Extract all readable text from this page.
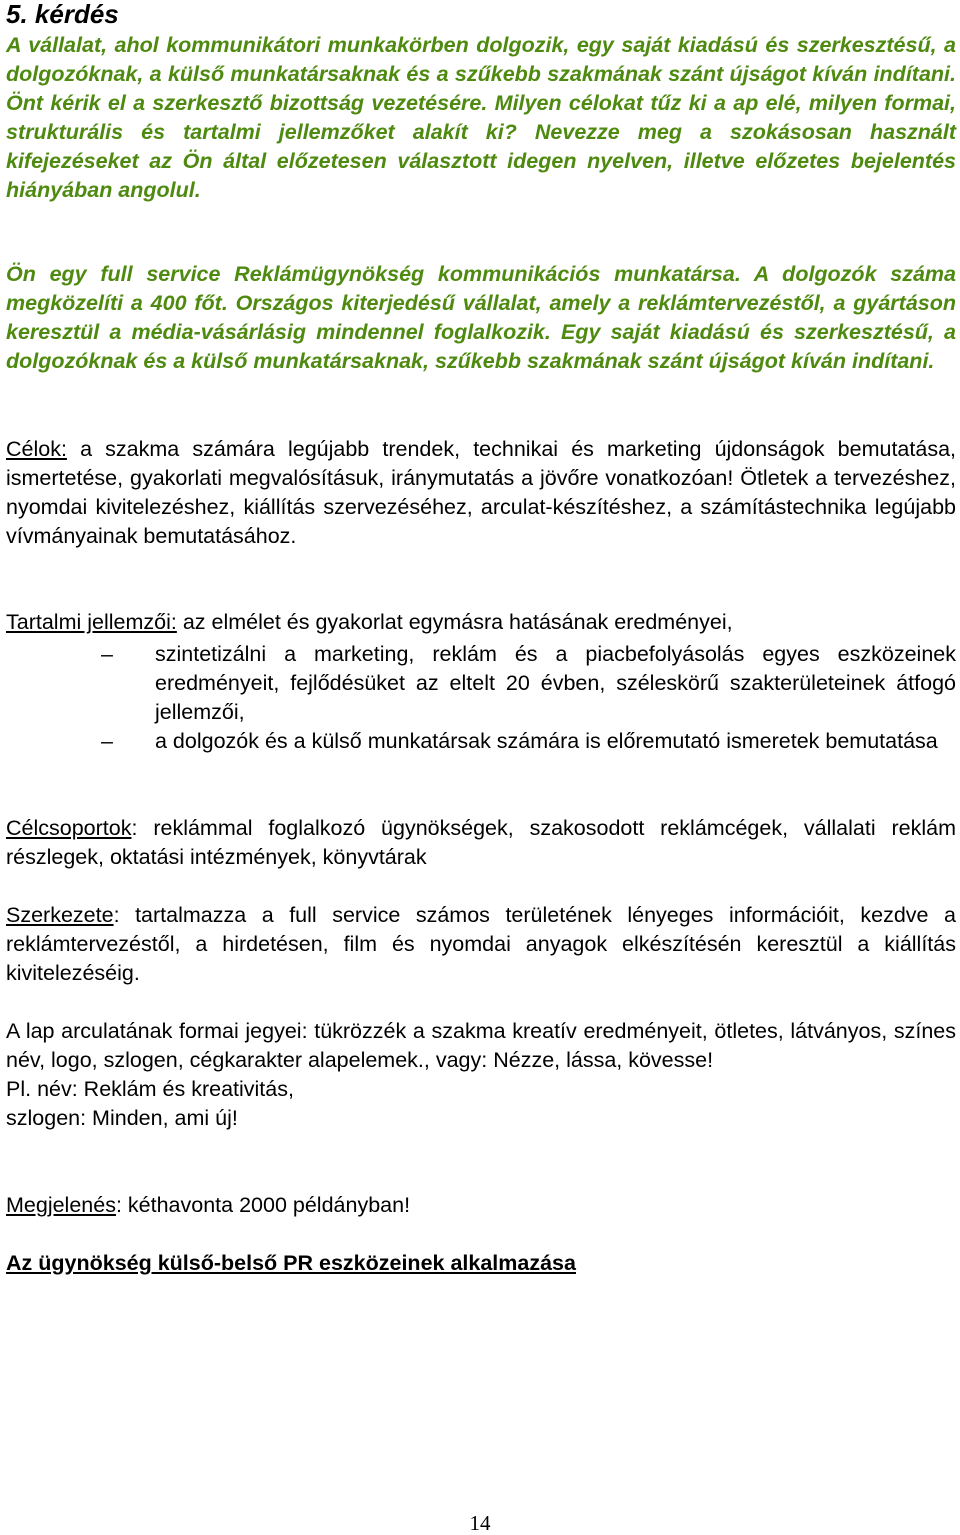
5. kérdés

A vállalat, ahol kommunikátori munkakörben dolgozik, egy saját kiadású és szerkesztésű, a dolgozóknak, a külső munkatársaknak és a szűkebb szakmának szánt újságot kíván indítani. Önt kérik el a szerkesztő bizottság vezetésére. Milyen célokat tűz ki a ap elé, milyen formai, strukturális és tartalmi jellemzőket alakít ki? Nevezze meg a szokásosan használt kifejezéseket az Ön által előzetesen választott idegen nyelven, illetve előzetes bejelentés hiányában angolul.

Ön egy full service Reklámügynökség kommunikációs munkatársa. A dolgozók száma megközelíti a 400 főt. Országos kiterjedésű vállalat, amely a reklámtervezéstől, a gyártáson keresztül a média-vásárlásig mindennel foglalkozik. Egy saját kiadású és szerkesztésű, a dolgozóknak és a külső munkatársaknak, szűkebb szakmának szánt újságot kíván indítani.

Célok: a szakma számára legújabb trendek, technikai és marketing újdonságok bemutatása, ismertetése, gyakorlati megvalósításuk, iránymutatás a jövőre vonatkozóan! Ötletek a tervezéshez, nyomdai kivitelezéshez, kiállítás szervezéséhez, arculat-készítéshez, a számítástechnika legújabb vívmányainak bemutatásához.

Tartalmi jellemzői: az elmélet és gyakorlat egymásra hatásának eredményei,

– szintetizálni a marketing, reklám és a piacbefolyásolás egyes eszközeinek eredményeit, fejlődésüket az eltelt 20 évben, széleskörű szakterületeinek átfogó jellemzői,
– a dolgozók és a külső munkatársak számára is előremutató ismeretek bemutatása

Célcsoportok: reklámmal foglalkozó ügynökségek, szakosodott reklámcégek, vállalati reklám részlegek, oktatási intézmények, könyvtárak

Szerkezete: tartalmazza a full service számos területének lényeges információit, kezdve a reklámtervezéstől, a hirdetésen, film és nyomdai anyagok elkészítésén keresztül a kiállítás kivitelezéséig.

A lap arculatának formai jegyei: tükrözzék a szakma kreatív eredményeit, ötletes, látványos, színes név, logo, szlogen, cégkarakter alapelemek., vagy: Nézze, lássa, kövesse!

Pl. név: Reklám és kreativitás,

szlogen: Minden, ami új!

Megjelenés: kéthavonta 2000 példányban!

Az ügynökség külső-belső PR eszközeinek alkalmazása

14
